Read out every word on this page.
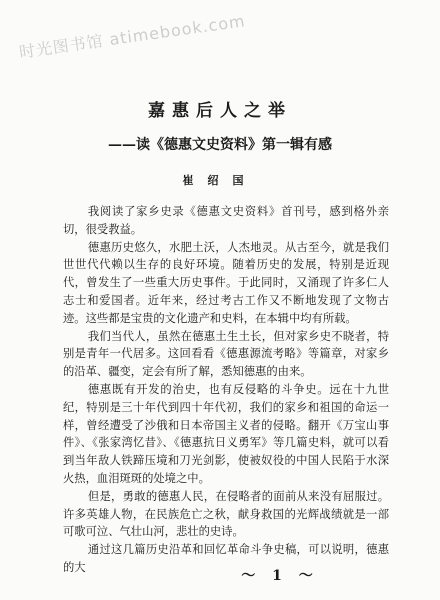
时光图书馆 atimebook.com
嘉惠后人之举
——读《德惠文史资料》第一辑有感
崔绍国

我阅读了家乡史录《德惠文史资料》首刊号，感到格外亲切，很受教益。

德惠历史悠久，水肥土沃，人杰地灵。从古至今，就是我们世世代代赖以生存的良好环境。随着历史的发展，特别是近现代，曾发生了一些重大历史事件。于此同时，又涌现了许多仁人志士和爱国者。近年来，经过考古工作又不断地发现了文物古迹。这些都是宝贵的文化遗产和史料，在本辑中均有所载。

我们当代人，虽然在德惠土生土长，但对家乡史不晓者，特别是青年一代居多。这回看看《德惠源流考略》等篇章，对家乡的沿革、疆变，定会有所了解，悉知德惠的由来。

德惠既有开发的治史，也有反侵略的斗争史。远在十九世纪，特别是三十年代到四十年代初，我们的家乡和祖国的命运一样，曾经遭受了沙俄和日本帝国主义者的侵略。翻开《万宝山事件》、《张家湾忆昔》、《德惠抗日义勇军》等几篇史料，就可以看到当年敌人铁蹄压境和刀光剑影，使被奴役的中国人民陷于水深火热，血泪斑斑的处境之中。

但是，勇敢的德惠人民，在侵略者的面前从来没有屈服过。许多英雄人物，在民族危亡之秋，献身救国的光辉战绩就是一部可歌可泣、气壮山河，悲壮的史诗。

通过这几篇历史沿革和回忆革命斗争史稿，可以说明，德惠的大

～ 1 ～
